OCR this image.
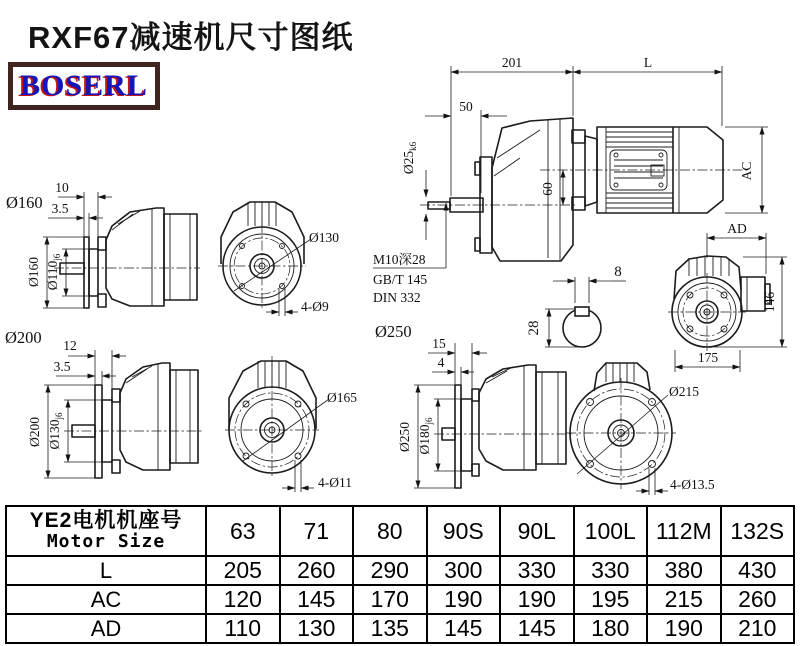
RXF67减速机尺寸图纸
BOSERL
201	L
50
$Ø25_{k6}$
60
AC
M10深28
GB/T 145
DIN 332
8
28
AD
146
175
Ø160
10
3.5
Ø160 $Ø110_{j6}$
Ø130
4-Ø9
Ø200 12
3.5
Ø200 $Ø130_{j6}$
Ø165
4-Ø11
Ø250
15
4
Ø250 $Ø180_{j6}$
Ø215
4-Ø13.5
YE2电机机座号
Motor Size	63	71	80	90S	90L	100L	112M	132S
L	205	260	290	300	330	330	380	430
AC	120	145	170	190	190	195	215	260
AD	110	130	135	145	145	180	190	210
